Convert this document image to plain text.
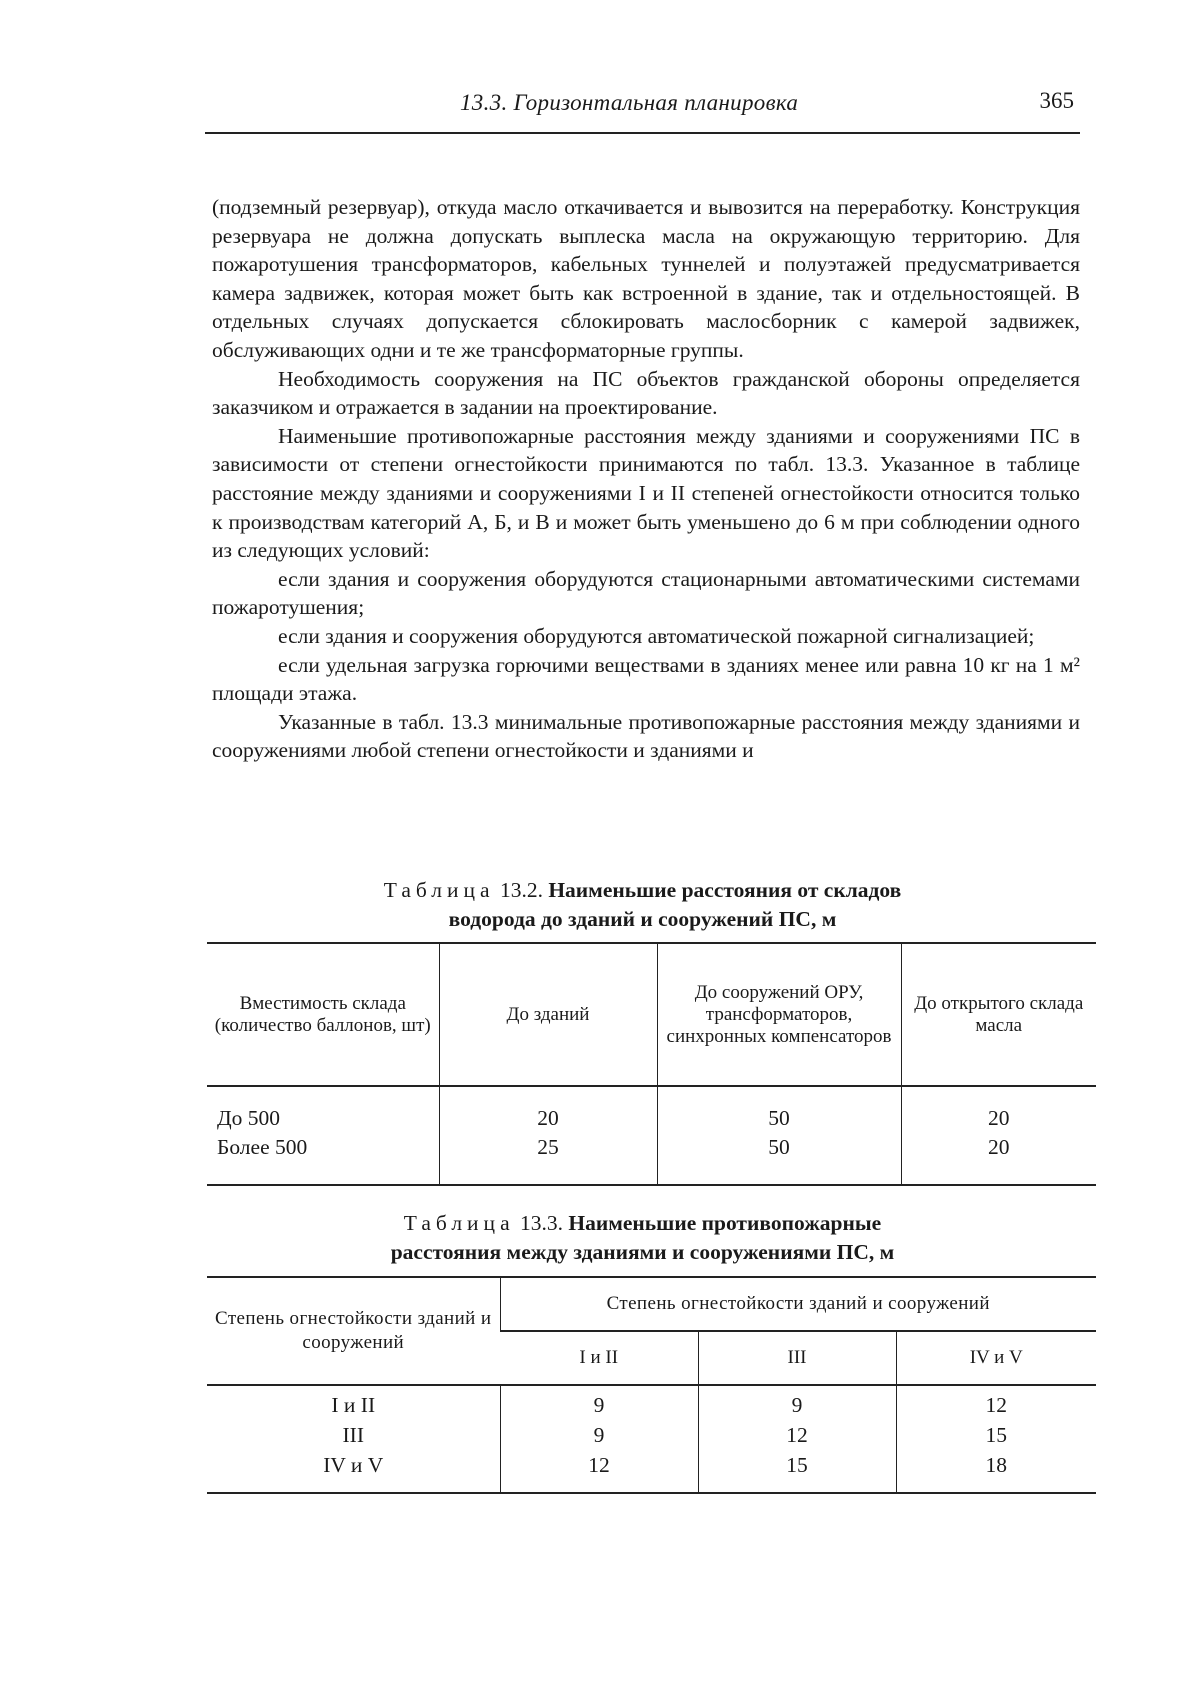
13.3. Горизонтальная планировка	365

(подземный резервуар), откуда масло откачивается и вывозится на переработку. Конструкция резервуара не должна допускать выплеска масла на окружающую территорию. Для пожаротушения трансформаторов, кабельных туннелей и полуэтажей предусматривается камера задвижек, которая может быть как встроенной в здание, так и отдельностоящей. В отдельных случаях допускается сблокировать маслосборник с камерой задвижек, обслуживающих одни и те же трансформаторные группы.

Необходимость сооружения на ПС объектов гражданской обороны определяется заказчиком и отражается в задании на проектирование.

Наименьшие противопожарные расстояния между зданиями и сооружениями ПС в зависимости от степени огнестойкости принимаются по табл. 13.3. Указанное в таблице расстояние между зданиями и сооружениями I и II степеней огнестойкости относится только к производствам категорий А, Б, и В и может быть уменьшено до 6 м при соблюдении одного из следующих условий:

если здания и сооружения оборудуются стационарными автоматическими системами пожаротушения;

если здания и сооружения оборудуются автоматической пожарной сигнализацией;

если удельная загрузка горючими веществами в зданиях менее или равна 10 кг на 1 м² площади этажа.

Указанные в табл. 13.3 минимальные противопожарные расстояния между зданиями и сооружениями любой степени огнестойкости и зданиями и

Таблица 13.2. Наименьшие расстояния от складов
водорода до зданий и сооружений ПС, м
Вместимость склада (количество баллонов, шт)	До зданий	До сооружений ОРУ, трансформаторов, синхронных компенсаторов	До открытого склада масла
До 500	20	50	20
Более 500	25	50	20
Таблица 13.3. Наименьшие противопожарные
расстояния между зданиями и сооружениями ПС, м
Степень огнестойкости зданий и сооружений	Степень огнестойкости зданий и сооружений		
	I и II	III	IV и V
I и II	9	9	12
III	9	12	15
IV и V	12	15	18
